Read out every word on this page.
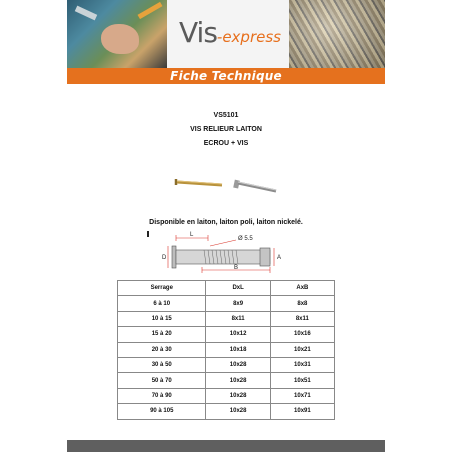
Vis-express
Fiche Technique
VS5101
VIS RELIEUR LAITON
ECROU + VIS
Disponible en laiton, laiton poli, laiton nickelé.
L
Ø 5.5
D
B
A
Serrage	DxL	AxB
6 à 10	8x9	8x8
10 à 15	8x11	8x11
15 à 20	10x12	10x16
20 à 30	10x18	10x21
30 à 50	10x28	10x31
50 à 70	10x28	10x51
70 à 90	10x28	10x71
90 à 105	10x28	10x91
